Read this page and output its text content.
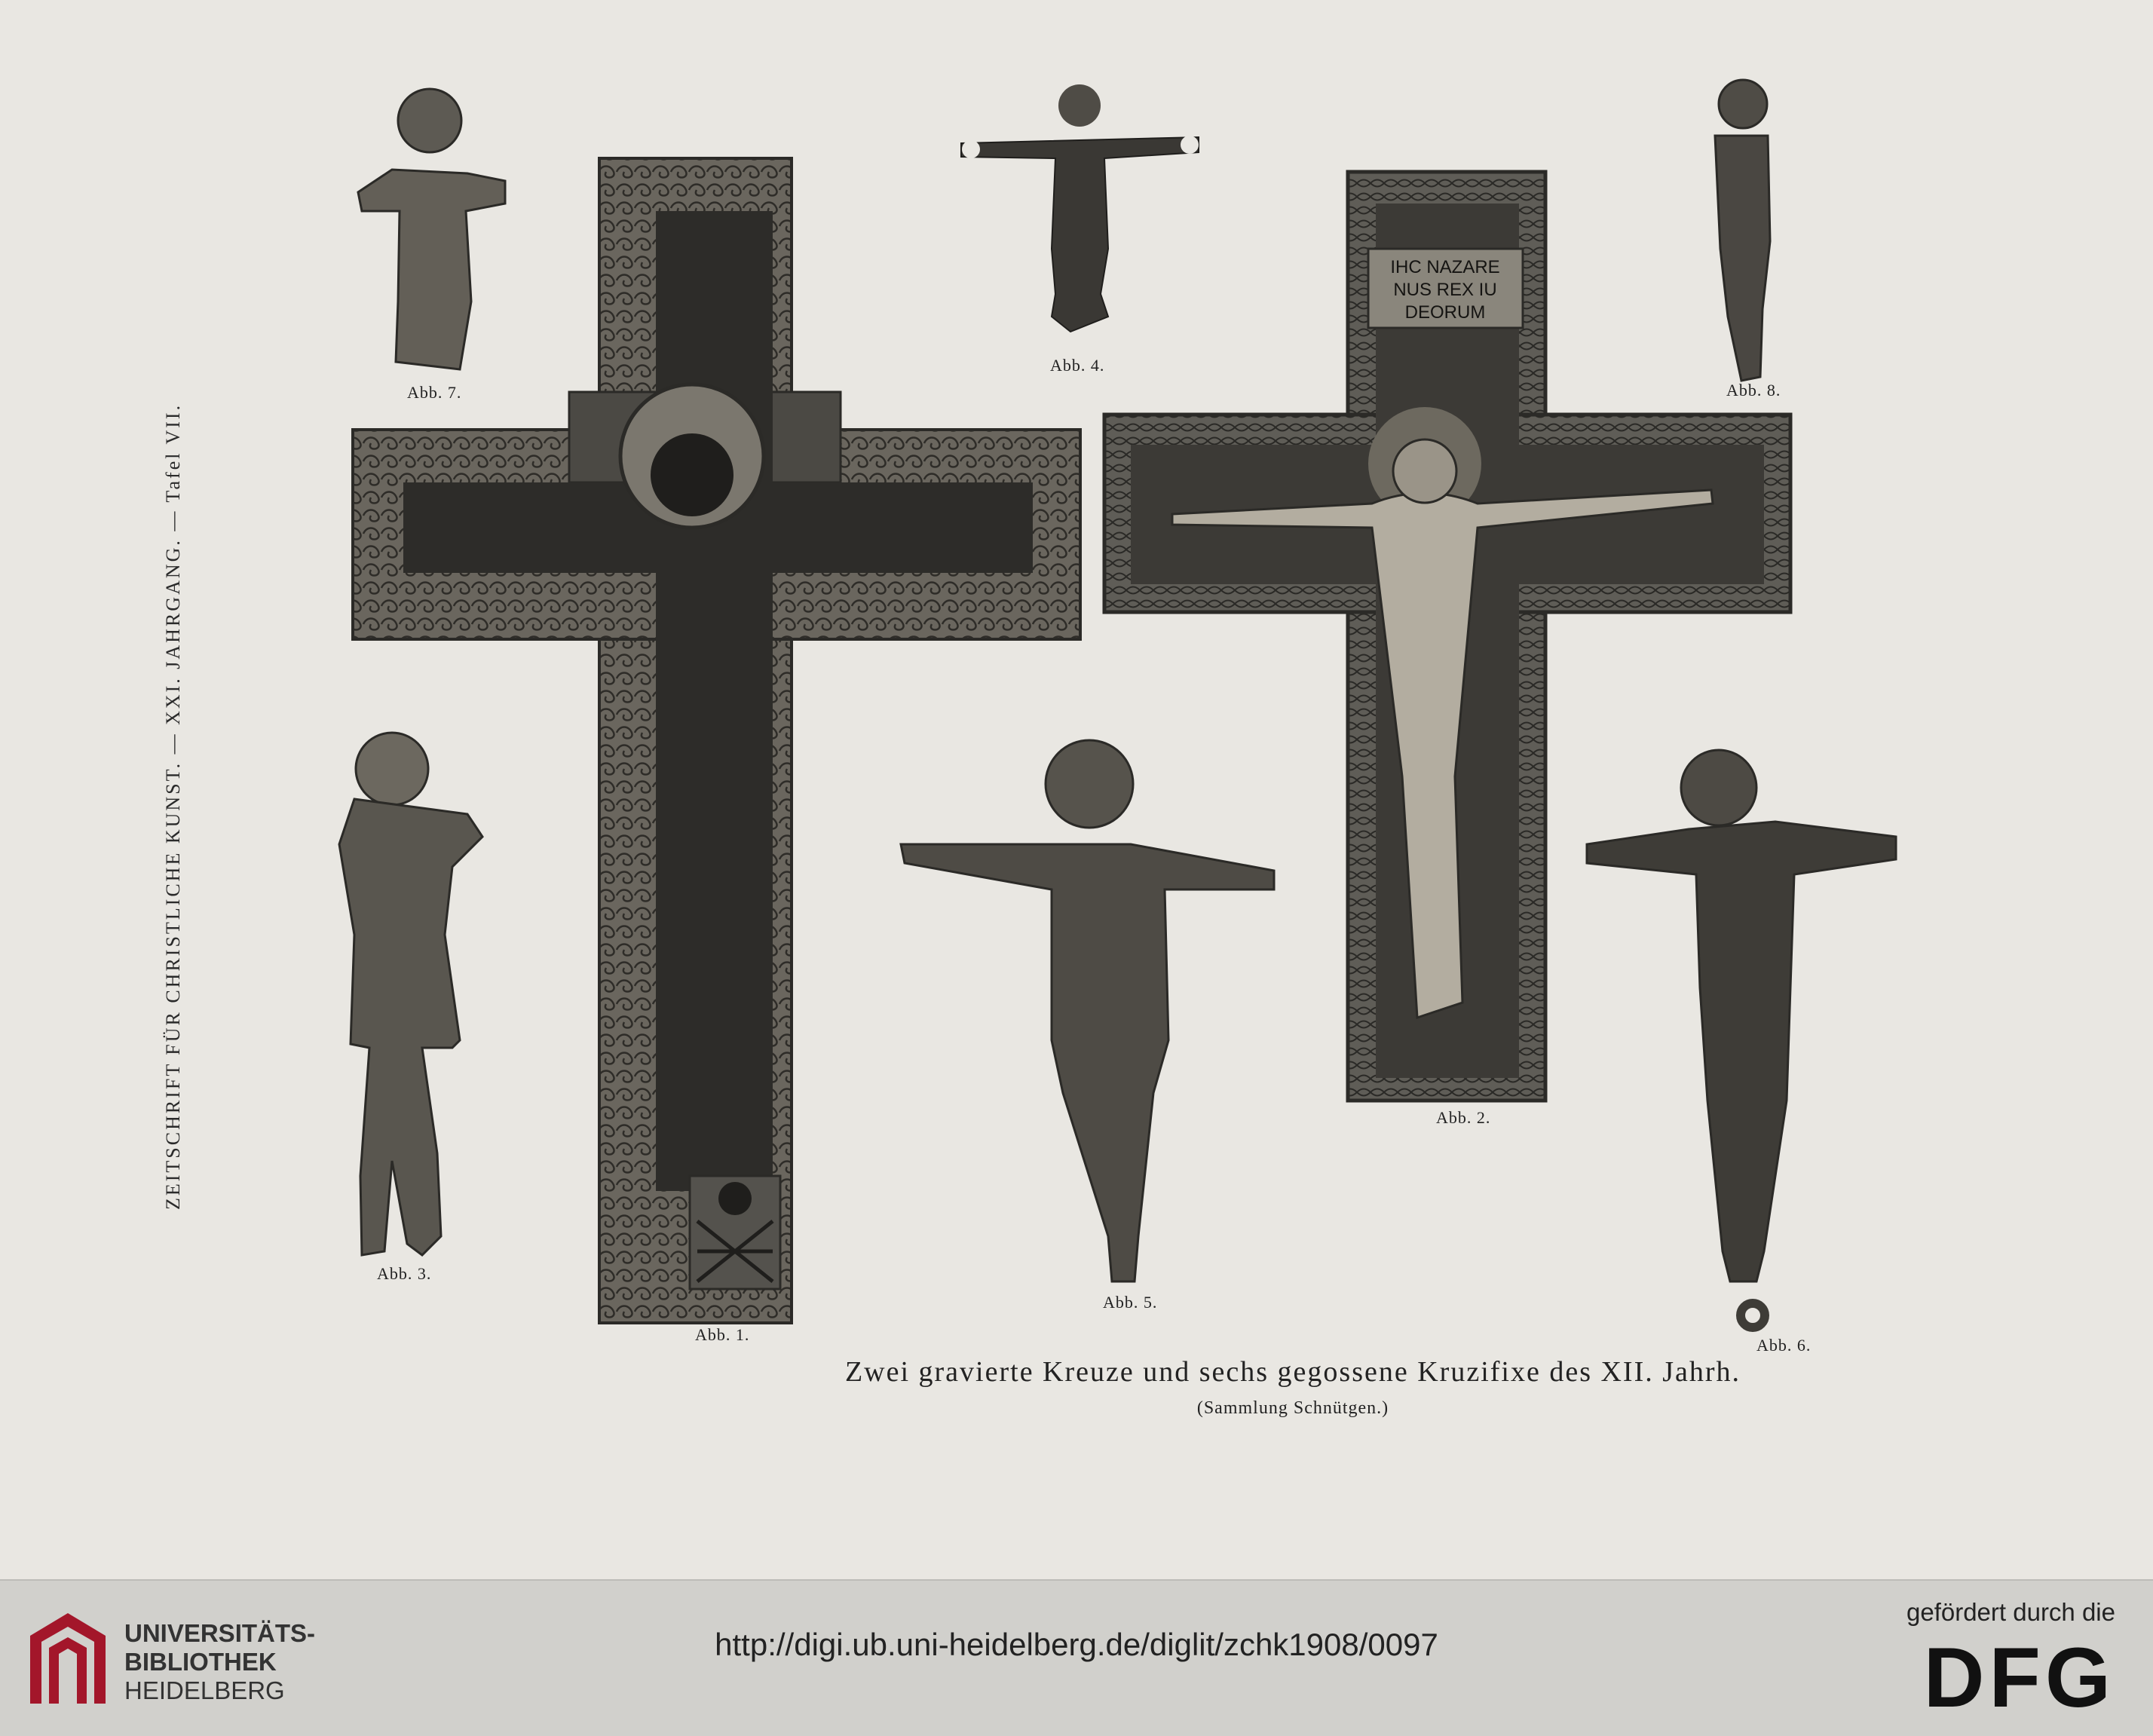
ZEITSCHRIFT FÜR CHRISTLICHE KUNST. — XXI. JAHRGANG. — Tafel VII.
IHC NAZARE
NUS REX IU
DEORUM
Abb. 7.
Abb. 4.
Abb. 8.
Abb. 3.
Abb. 1.
Abb. 5.
Abb. 2.
Abb. 6.
Zwei gravierte Kreuze und sechs gegossene Kruzifixe des XII. Jahrh.
(Sammlung Schnütgen.)
UNIVERSITÄTS-
BIBLIOTHEK
HEIDELBERG
http://digi.ub.uni-heidelberg.de/diglit/zchk1908/0097
gefördert durch die
DFG
